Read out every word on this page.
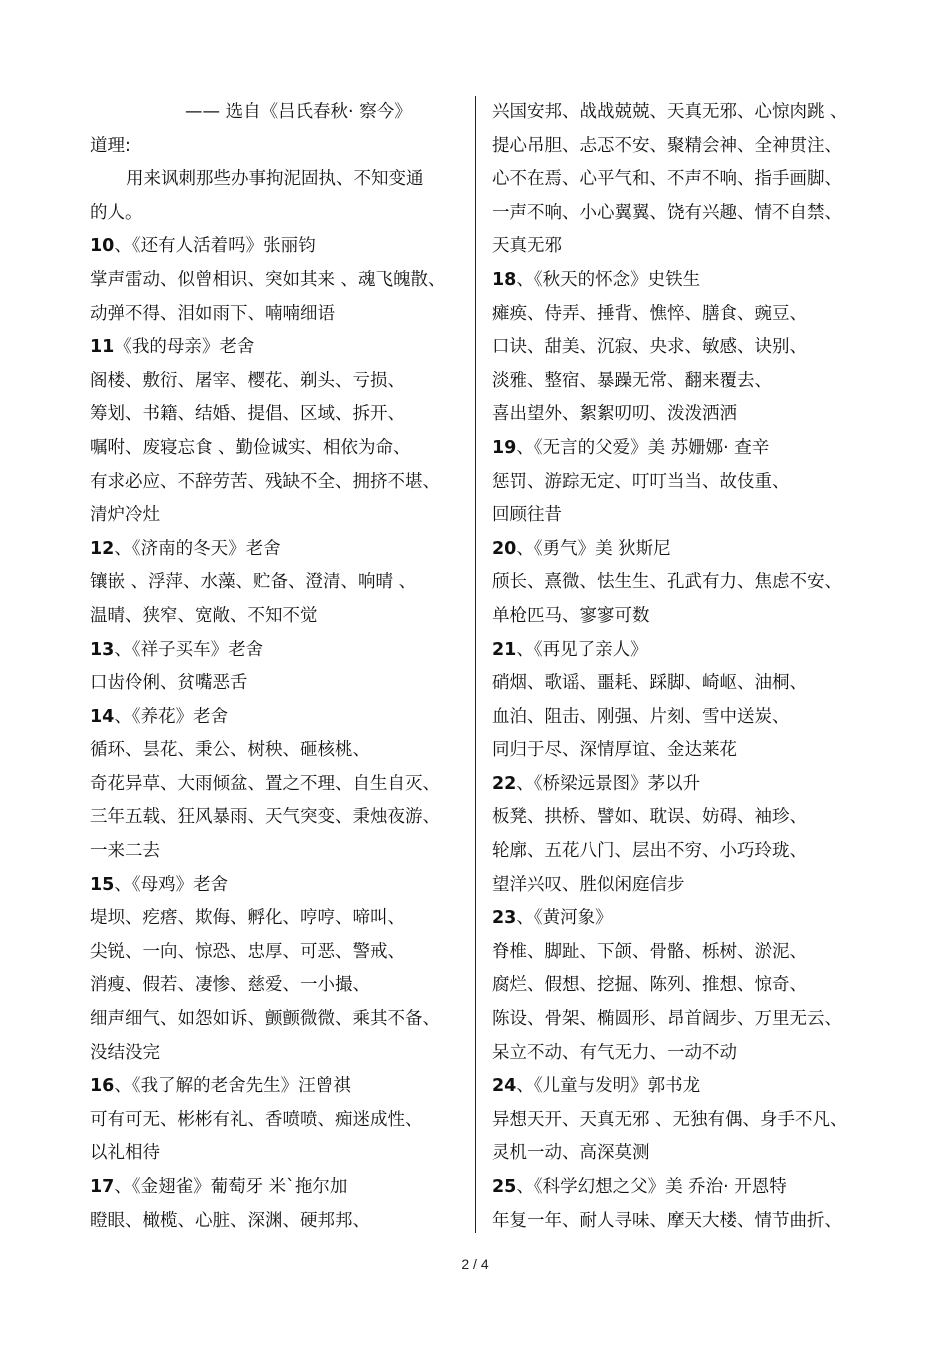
—— 选自《吕氏春秋· 察今》
道理:
用来讽刺那些办事拘泥固执、不知变通
的人。
10、《还有人活着吗》张丽钧
掌声雷动、似曾相识、突如其来 、魂飞魄散、
动弹不得、泪如雨下、喃喃细语
11《我的母亲》老舍
阁楼、敷衍、屠宰、樱花、剃头、亏损、
筹划、书籍、结婚、提倡、区域、拆开、
嘱咐、废寝忘食 、勤俭诚实、相依为命、
有求必应、不辞劳苦、残缺不全、拥挤不堪、
清炉冷灶
12、《济南的冬天》老舍
镶嵌 、浮萍、水藻、贮备、澄清、响晴 、
温晴、狭窄、宽敞、不知不觉
13、《祥子买车》老舍
口齿伶俐、贫嘴恶舌
14、《养花》老舍
循环、昙花、秉公、树秧、砸核桃、
奇花异草、大雨倾盆、置之不理、自生自灭、
三年五载、狂风暴雨、天气突变、秉烛夜游、
一来二去
15、《母鸡》老舍
堤坝、疙瘩、欺侮、孵化、哼哼、啼叫、
尖锐、一向、惊恐、忠厚、可恶、警戒、
消瘦、假若、凄惨、慈爱、一小撮、
细声细气、如怨如诉、颤颤微微、乘其不备、
没结没完
16、《我了解的老舍先生》汪曾祺
可有可无、彬彬有礼、香喷喷、痴迷成性、
以礼相待
17、《金翅雀》葡萄牙 米`拖尔加
瞪眼、橄榄、心脏、深渊、硬邦邦、
兴国安邦、战战兢兢、天真无邪、心惊肉跳 、
提心吊胆、忐忑不安、聚精会神、全神贯注、
心不在焉、心平气和、不声不响、指手画脚、
一声不响、小心翼翼、饶有兴趣、情不自禁、
天真无邪
18、《秋天的怀念》史铁生
瘫痪、侍弄、捶背、憔悴、膳食、豌豆、
口诀、甜美、沉寂、央求、敏感、诀别、
淡雅、整宿、暴躁无常、翻来覆去、
喜出望外、絮絮叨叨、泼泼洒洒
19、《无言的父爱》美 苏姗娜· 查辛
惩罚、游踪无定、叮叮当当、故伎重、
回顾往昔
20、《勇气》美 狄斯尼
颀长、熹微、怯生生、孔武有力、焦虑不安、
单枪匹马、寥寥可数
21、《再见了亲人》
硝烟、歌谣、噩耗、踩脚、崎岖、油桐、
血泊、阻击、刚强、片刻、雪中送炭、
同归于尽、深情厚谊、金达莱花
22、《桥梁远景图》茅以升
板凳、拱桥、譬如、耽误、妨碍、袖珍、
轮廓、五花八门、层出不穷、小巧玲珑、
望洋兴叹、胜似闲庭信步
23、《黄河象》
脊椎、脚趾、下颌、骨骼、栎树、淤泥、
腐烂、假想、挖掘、陈列、推想、惊奇、
陈设、骨架、椭圆形、昂首阔步、万里无云、
呆立不动、有气无力、一动不动
24、《儿童与发明》郭书龙
异想天开、天真无邪 、无独有偶、身手不凡、
灵机一动、高深莫测
25、《科学幻想之父》美 乔治· 开恩特
年复一年、耐人寻味、摩天大楼、情节曲折、
2 / 4
